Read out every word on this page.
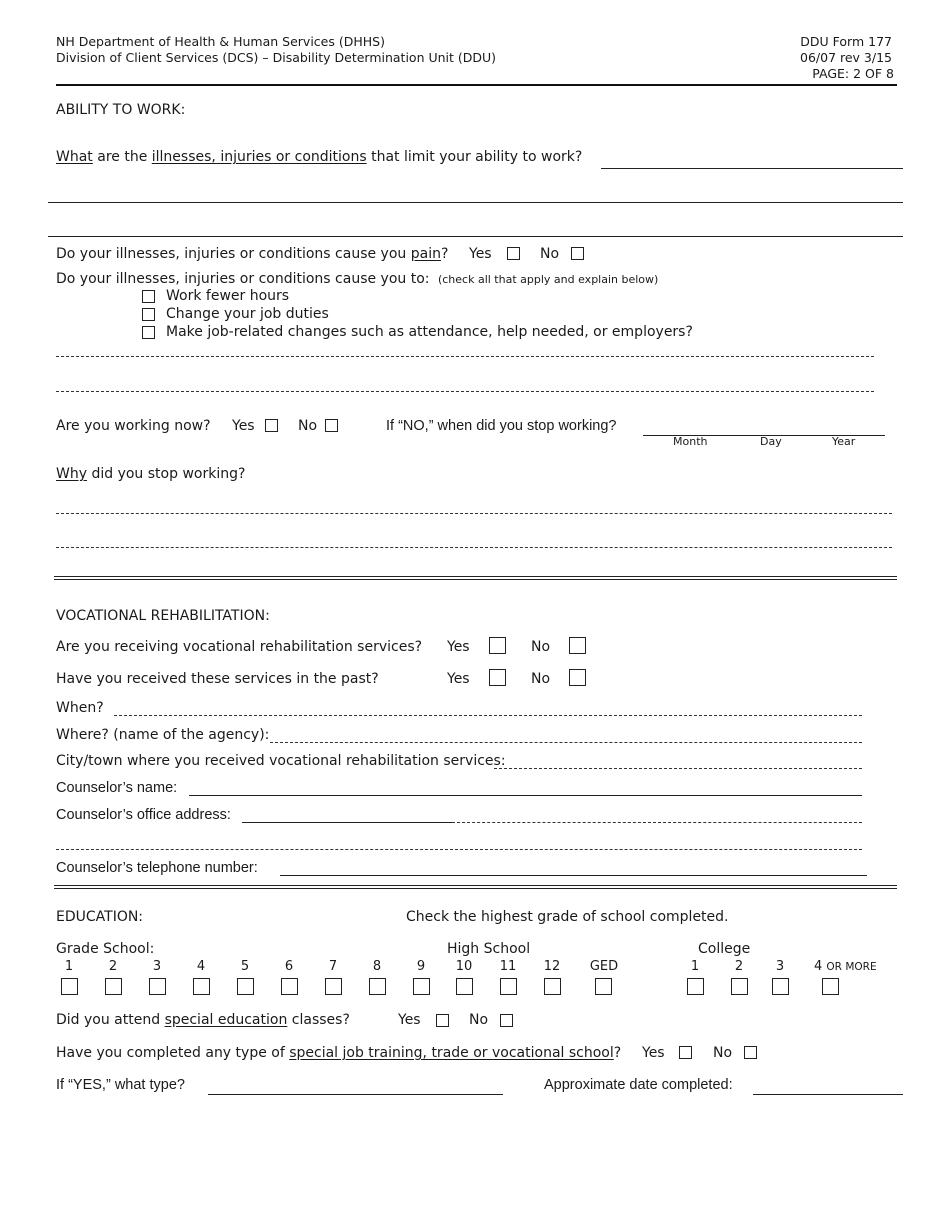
NH Department of Health & Human Services (DHHS)
Division of Client Services (DCS) – Disability Determination Unit (DDU)
DDU Form 177
06/07 rev 3/15
PAGE: 2 OF 8
ABILITY TO WORK:
What are the illnesses, injuries or conditions that limit your ability to work?
Do your illnesses, injuries or conditions cause you pain? Yes	No
Do your illnesses, injuries or conditions cause you to: (check all that apply and explain below)
Work fewer hours
Change your job duties
Make job-related changes such as attendance, help needed, or employers?
Are you working now? Yes	No	If “NO,” when did you stop working?
Month	Day	Year
Why did you stop working?
VOCATIONAL REHABILITATION:
Are you receiving vocational rehabilitation services? Yes	No
Have you received these services in the past?	Yes	No
When?
Where? (name of the agency):
City/town where you received vocational rehabilitation services:
Counselor’s name:
Counselor’s office address:
Counselor’s telephone number:
EDUCATION:	Check the highest grade of school completed.
Grade School:	High School	College
1	2	3	4	5	6	7	8	9	10	11	12	GED	1	2	3	4 OR MORE
Did you attend special education classes?	Yes	No
Have you completed any type of special job training, trade or vocational school? Yes	No
If “YES,” what type?	Approximate date completed:
